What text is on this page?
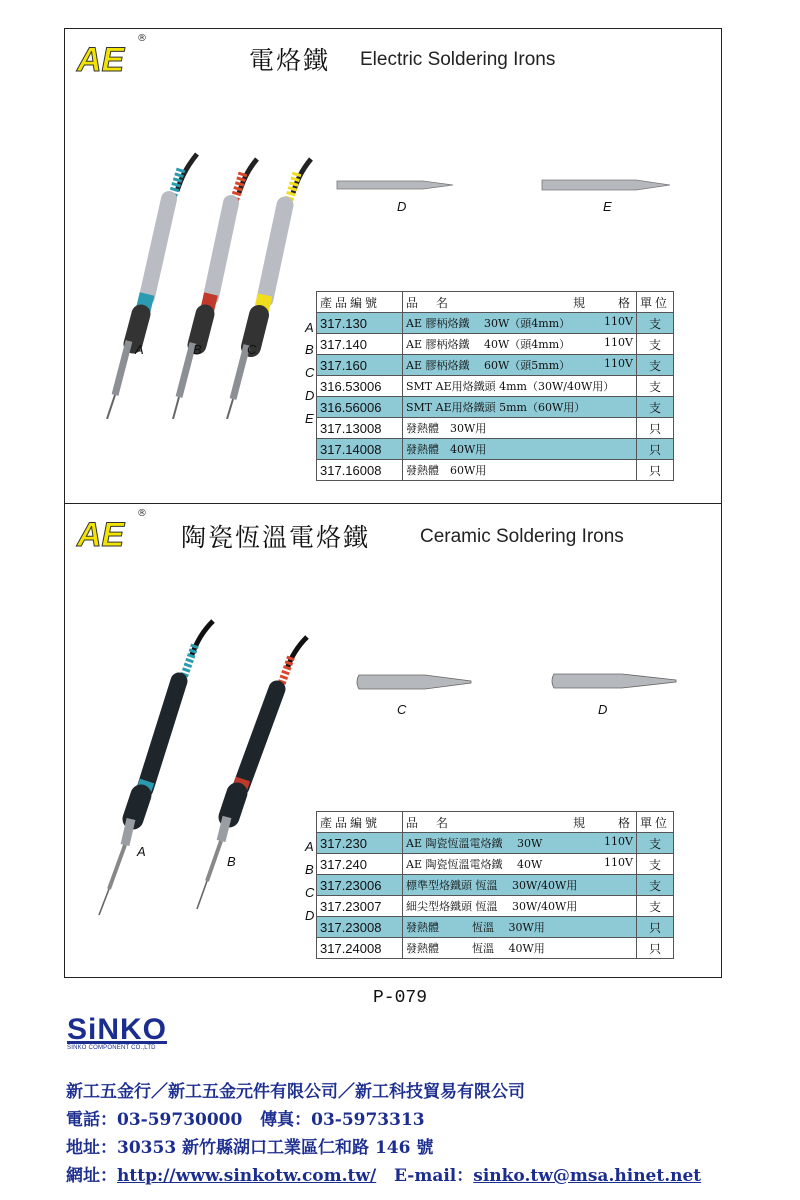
AE
®
電烙鐵 Electric Soldering Irons
A	B	C
D	E
A
B
C
D
E
產品編號	品　名 規　　格	單位
317.130	AE 膠柄烙鐵　 30W（頭4mm） 110V	支
317.140	AE 膠柄烙鐵　 40W（頭4mm） 110V	支
317.160	AE 膠柄烙鐵　 60W（頭5mm） 110V	支
316.53006	SMT AE用烙鐵頭 4mm（30W/40W用）	支
316.56006	SMT AE用烙鐵頭 5mm（60W用）	支
317.13008	發熱體　30W用	只
317.14008	發熱體　40W用	只
317.16008	發熱體　60W用	只
AE
®
陶瓷恆溫電烙鐵	Ceramic Soldering Irons
A
B
C	D
A
B
C
D
產品編號	品　名 規　　格	單位
317.230	AE 陶瓷恆溫電烙鐵　 30W 110V	支
317.240	AE 陶瓷恆溫電烙鐵　 40W 110V	支
317.23006	標準型烙鐵頭 恆溫　 30W/40W用	支
317.23007	細尖型烙鐵頭 恆溫　 30W/40W用	支
317.23008	發熱體　　　恆溫　 30W用	只
317.24008	發熱體　　　恆溫　 40W用	只
P-079
SiNKO
SINKO COMPONENT CO.,LTD
新工五金行／新工五金元件有限公司／新工科技貿易有限公司
電話：03-59730000 傳真：03-5973313
地址：30353 新竹縣湖口工業區仁和路 146 號
網址：http://www.sinkotw.com.tw/ E-mail：sinko.tw@msa.hinet.net
